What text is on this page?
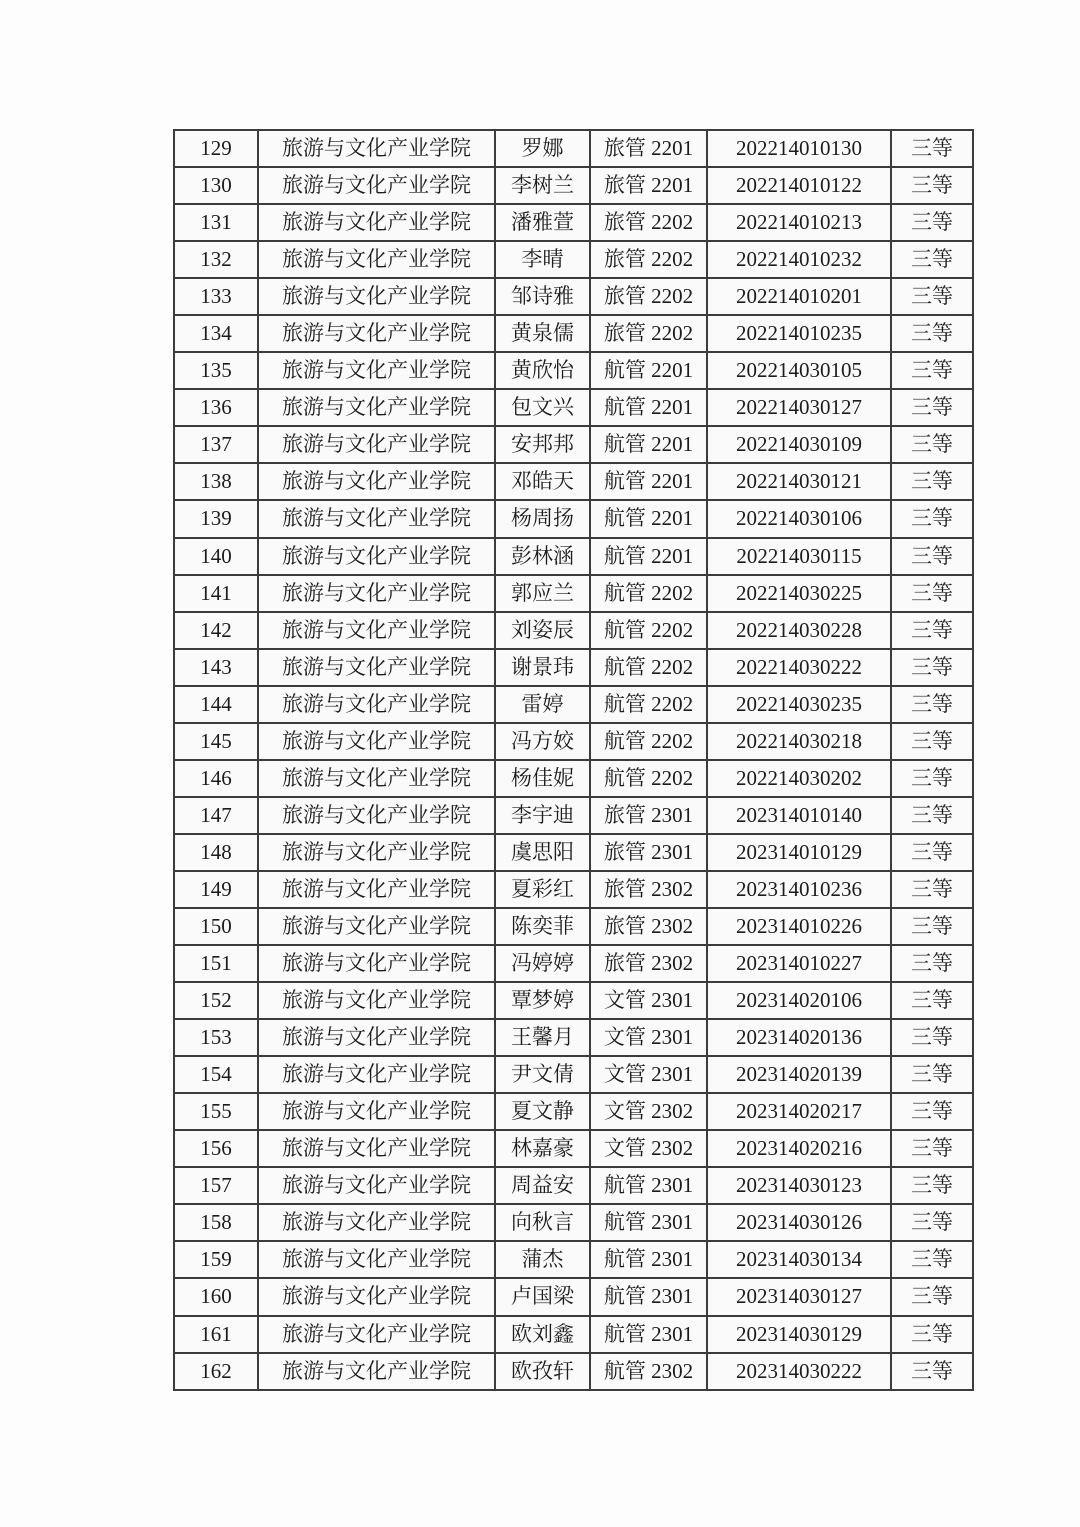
129	旅游与文化产业学院	罗娜	旅管 2201	202214010130	三等
130	旅游与文化产业学院	李树兰	旅管 2201	202214010122	三等
131	旅游与文化产业学院	潘雅萱	旅管 2202	202214010213	三等
132	旅游与文化产业学院	李晴	旅管 2202	202214010232	三等
133	旅游与文化产业学院	邹诗雅	旅管 2202	202214010201	三等
134	旅游与文化产业学院	黄泉儒	旅管 2202	202214010235	三等
135	旅游与文化产业学院	黄欣怡	航管 2201	202214030105	三等
136	旅游与文化产业学院	包文兴	航管 2201	202214030127	三等
137	旅游与文化产业学院	安邦邦	航管 2201	202214030109	三等
138	旅游与文化产业学院	邓皓天	航管 2201	202214030121	三等
139	旅游与文化产业学院	杨周扬	航管 2201	202214030106	三等
140	旅游与文化产业学院	彭林涵	航管 2201	202214030115	三等
141	旅游与文化产业学院	郭应兰	航管 2202	202214030225	三等
142	旅游与文化产业学院	刘姿辰	航管 2202	202214030228	三等
143	旅游与文化产业学院	谢景玮	航管 2202	202214030222	三等
144	旅游与文化产业学院	雷婷	航管 2202	202214030235	三等
145	旅游与文化产业学院	冯方姣	航管 2202	202214030218	三等
146	旅游与文化产业学院	杨佳妮	航管 2202	202214030202	三等
147	旅游与文化产业学院	李宇迪	旅管 2301	202314010140	三等
148	旅游与文化产业学院	虞思阳	旅管 2301	202314010129	三等
149	旅游与文化产业学院	夏彩红	旅管 2302	202314010236	三等
150	旅游与文化产业学院	陈奕菲	旅管 2302	202314010226	三等
151	旅游与文化产业学院	冯婷婷	旅管 2302	202314010227	三等
152	旅游与文化产业学院	覃梦婷	文管 2301	202314020106	三等
153	旅游与文化产业学院	王馨月	文管 2301	202314020136	三等
154	旅游与文化产业学院	尹文倩	文管 2301	202314020139	三等
155	旅游与文化产业学院	夏文静	文管 2302	202314020217	三等
156	旅游与文化产业学院	林嘉豪	文管 2302	202314020216	三等
157	旅游与文化产业学院	周益安	航管 2301	202314030123	三等
158	旅游与文化产业学院	向秋言	航管 2301	202314030126	三等
159	旅游与文化产业学院	蒲杰	航管 2301	202314030134	三等
160	旅游与文化产业学院	卢国梁	航管 2301	202314030127	三等
161	旅游与文化产业学院	欧刘鑫	航管 2301	202314030129	三等
162	旅游与文化产业学院	欧孜轩	航管 2302	202314030222	三等
